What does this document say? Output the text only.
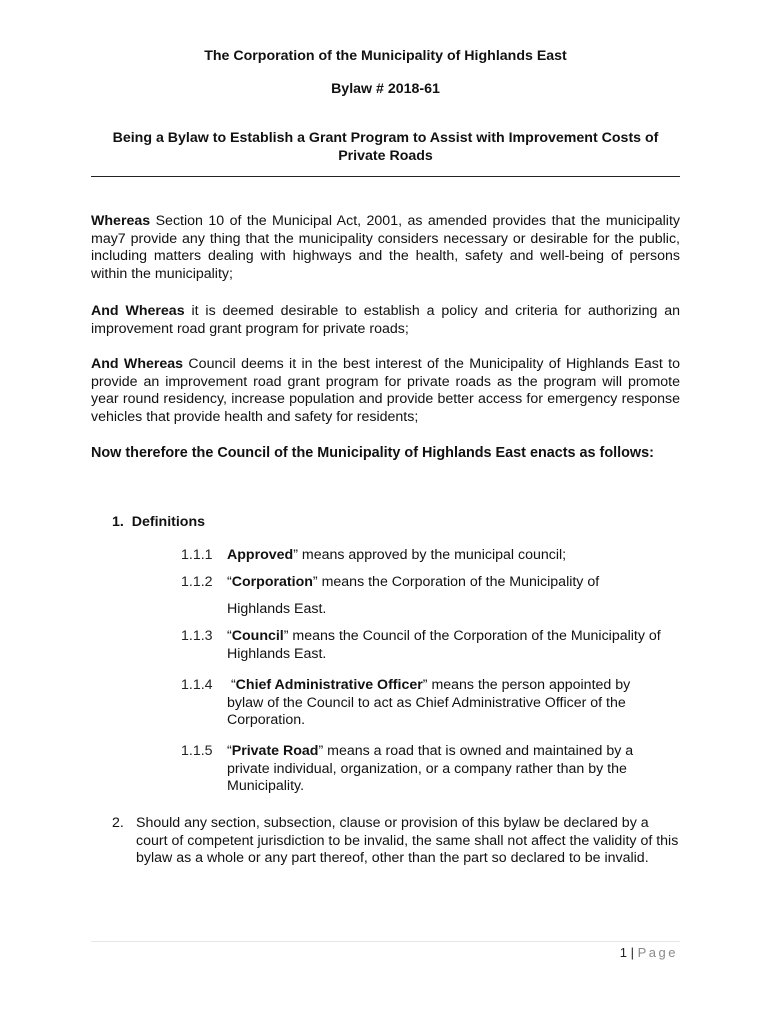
The Corporation of the Municipality of Highlands East
Bylaw # 2018-61
Being a Bylaw to Establish a Grant Program to Assist with Improvement Costs of
Private Roads
Whereas Section 10 of the Municipal Act, 2001, as amended provides that the municipality may7 provide any thing that the municipality considers necessary or desirable for the public, including matters dealing with highways and the health, safety and well-being of persons within the municipality;
And Whereas it is deemed desirable to establish a policy and criteria for authorizing an improvement road grant program for private roads;
And Whereas Council deems it in the best interest of the Municipality of Highlands East to provide an improvement road grant program for private roads as the program will promote year round residency, increase population and provide better access for emergency response vehicles that provide health and safety for residents;
Now therefore the Council of the Municipality of Highlands East enacts as follows:
1. Definitions
1.1.1 Approved” means approved by the municipal council;
1.1.2 “Corporation” means the Corporation of the Municipality of
Highlands East.
1.1.3 “Council” means the Council of the Corporation of the Municipality of Highlands East.
1.1.4 “Chief Administrative Officer” means the person appointed by bylaw of the Council to act as Chief Administrative Officer of the Corporation.
1.1.5 “Private Road” means a road that is owned and maintained by a private individual, organization, or a company rather than by the Municipality.
2. Should any section, subsection, clause or provision of this bylaw be declared by a court of competent jurisdiction to be invalid, the same shall not affect the validity of this bylaw as a whole or any part thereof, other than the part so declared to be invalid.
1 | Page
